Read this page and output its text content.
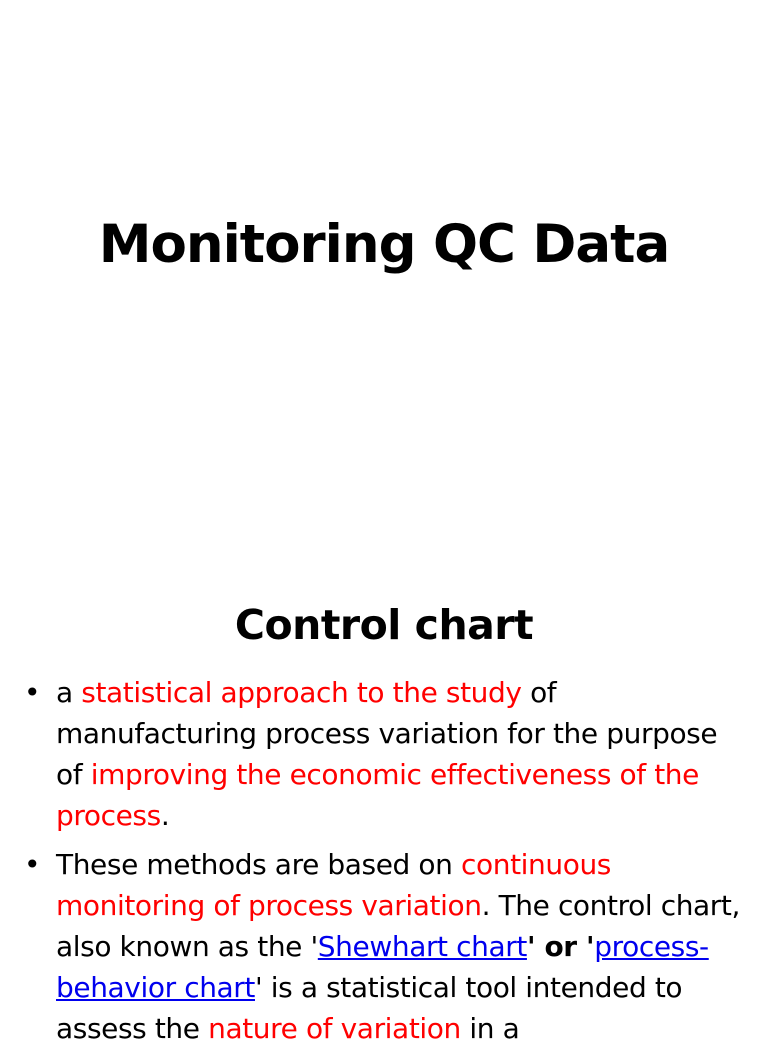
Monitoring QC Data
Control chart
• a statistical approach to the study of manufacturing process variation for the purpose of improving the economic effectiveness of the process.
• These methods are based on continuous monitoring of process variation. The control chart, also known as the 'Shewhart chart' or 'process-behavior chart' is a statistical tool intended to assess the nature of variation in a
